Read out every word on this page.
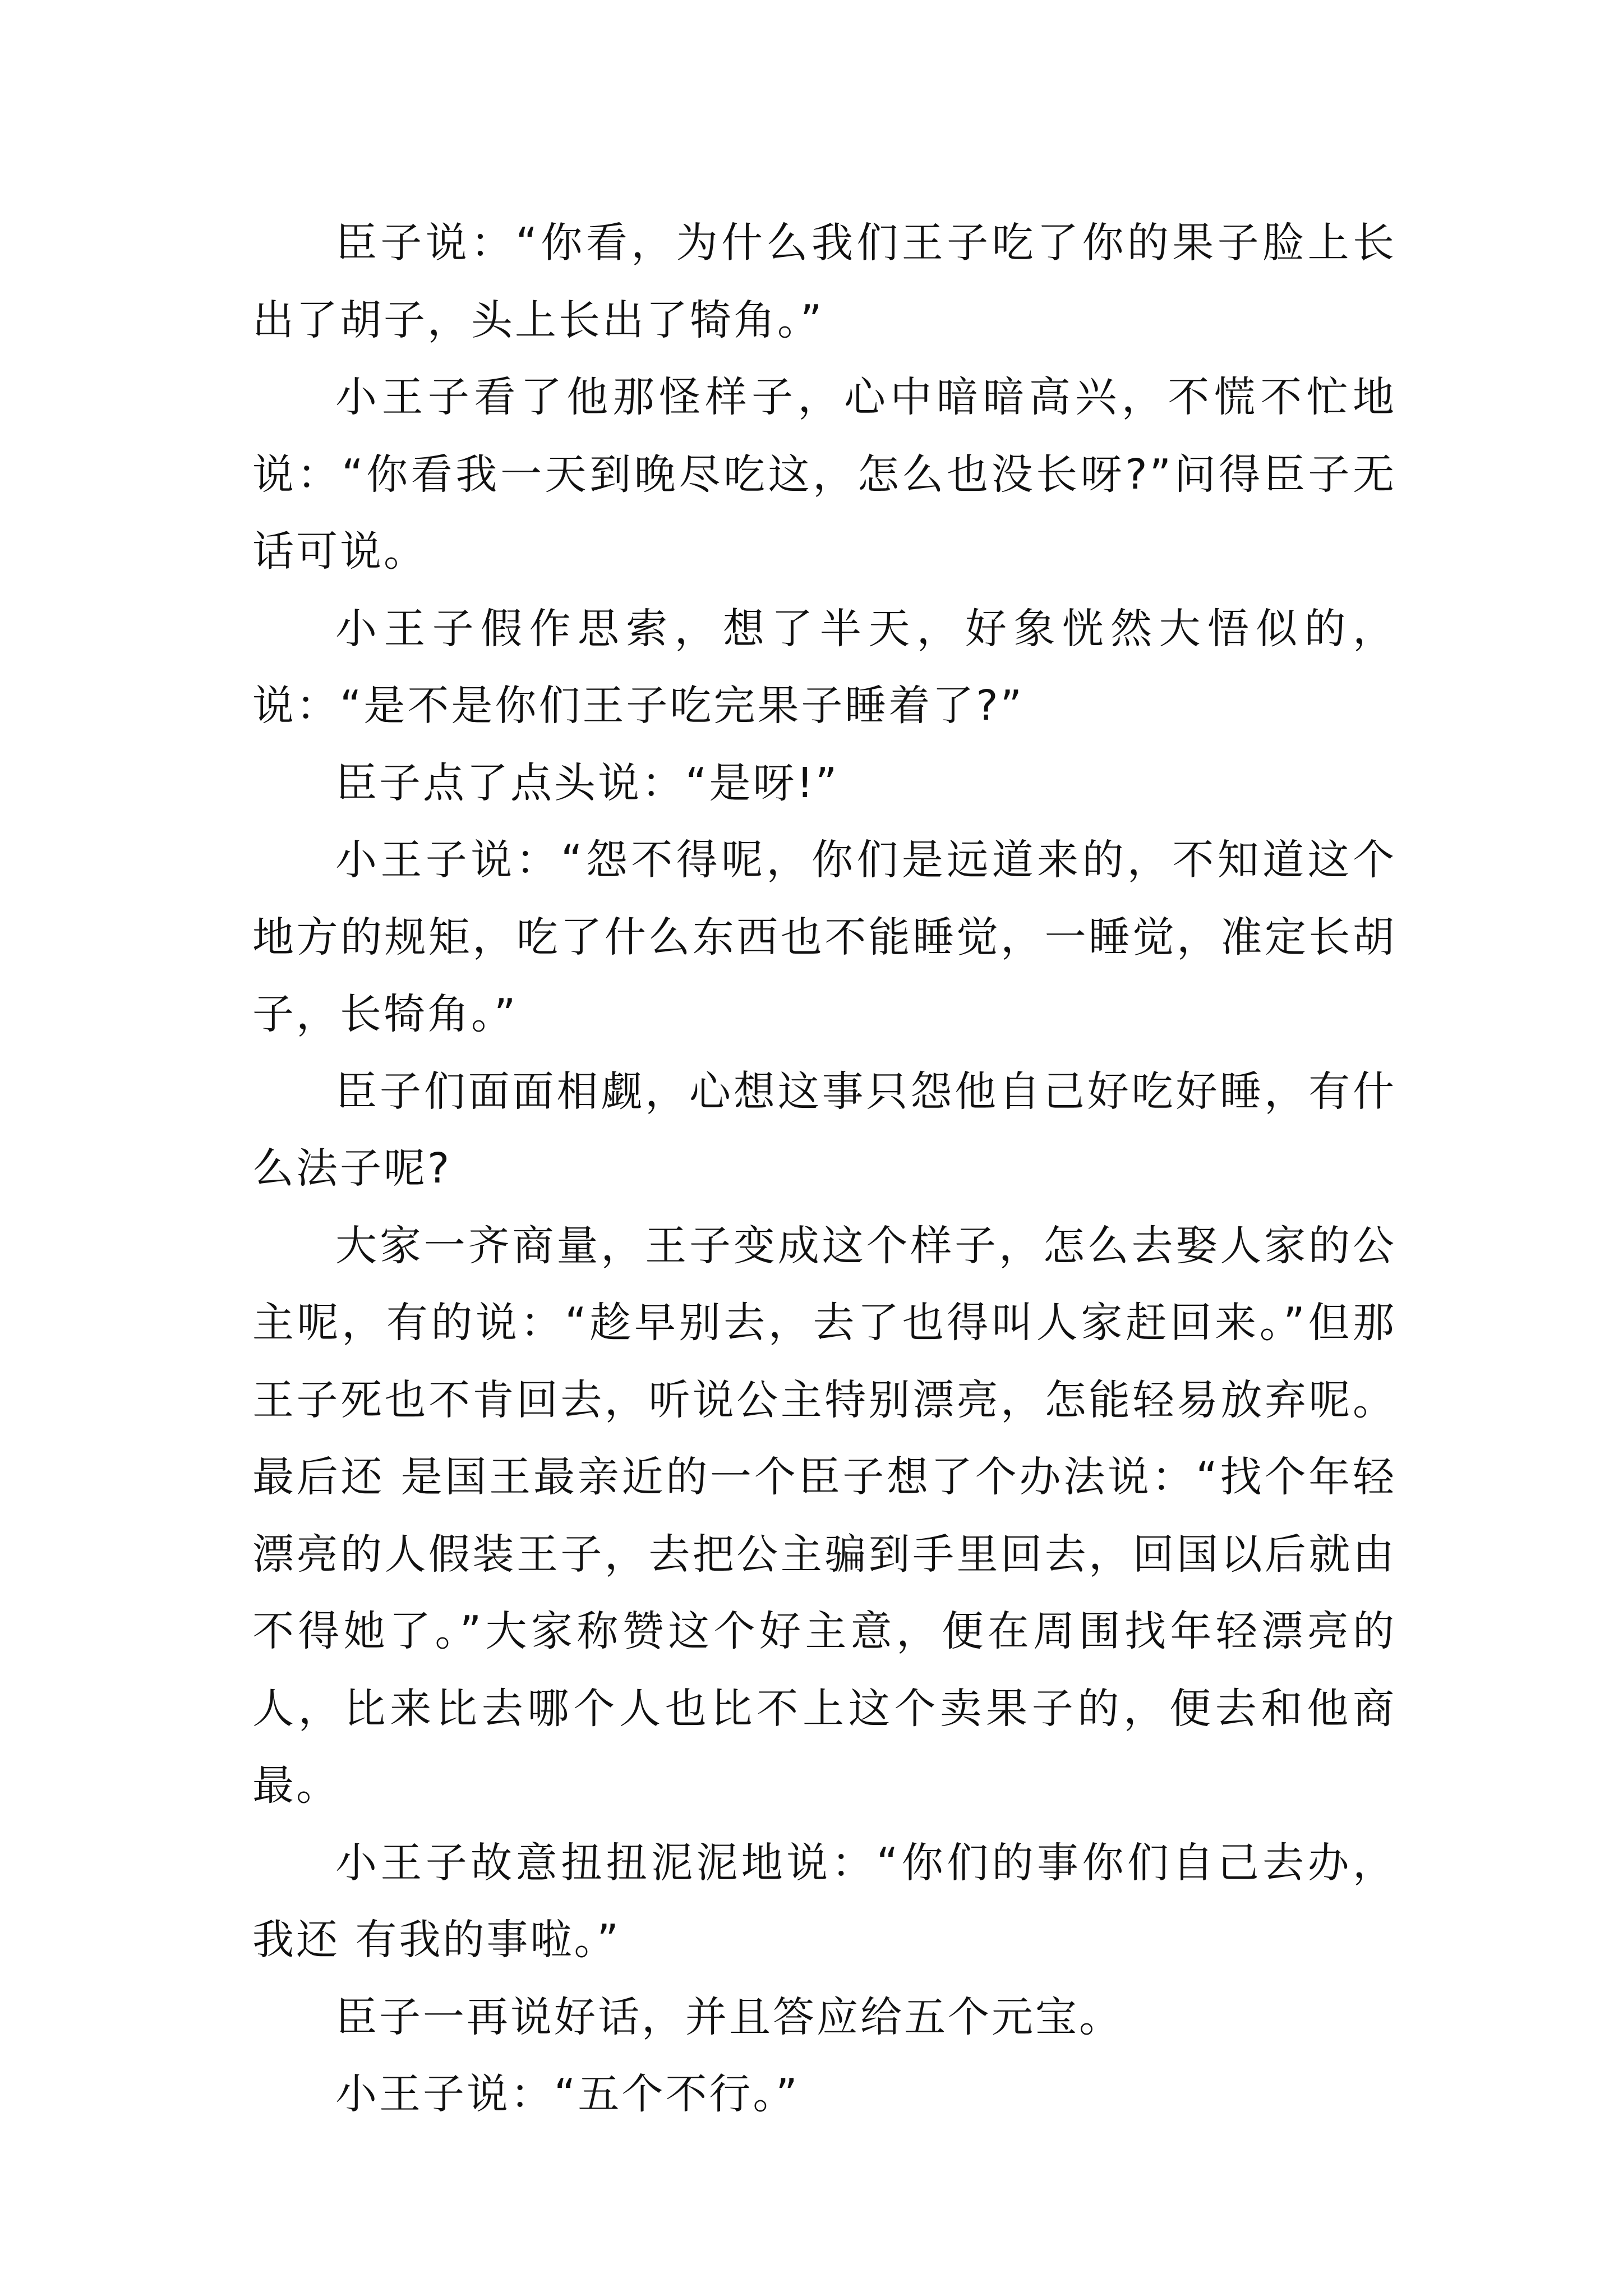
臣子说：“你看，为什么我们王子吃了你的果子脸上长出了胡子，头上长出了犄角。”

小王子看了他那怪样子，心中暗暗高兴，不慌不忙地说：“你看我一天到晚尽吃这，怎么也没长呀?”问得臣子无话可说。

小王子假作思索，想了半天，好象恍然大悟似的，说：“是不是你们王子吃完果子睡着了?”

臣子点了点头说：“是呀!”

小王子说：“怨不得呢，你们是远道来的，不知道这个地方的规矩，吃了什么东西也不能睡觉，一睡觉，准定长胡子，长犄角。”

臣子们面面相觑，心想这事只怨他自己好吃好睡，有什么法子呢?

大家一齐商量，王子变成这个样子，怎么去娶人家的公主呢，有的说：“趁早别去，去了也得叫人家赶回来。”但那王子死也不肯回去，听说公主特别漂亮，怎能轻易放弃呢。最后还 是国王最亲近的一个臣子想了个办法说：“找个年轻漂亮的人假装王子，去把公主骗到手里回去，回国以后就由不得她了。”大家称赞这个好主意，便在周围找年轻漂亮的人，比来比去哪个人也比不上这个卖果子的，便去和他商最。

小王子故意扭扭泥泥地说：“你们的事你们自己去办，我还 有我的事啦。”

臣子一再说好话，并且答应给五个元宝。

小王子说：“五个不行。”
